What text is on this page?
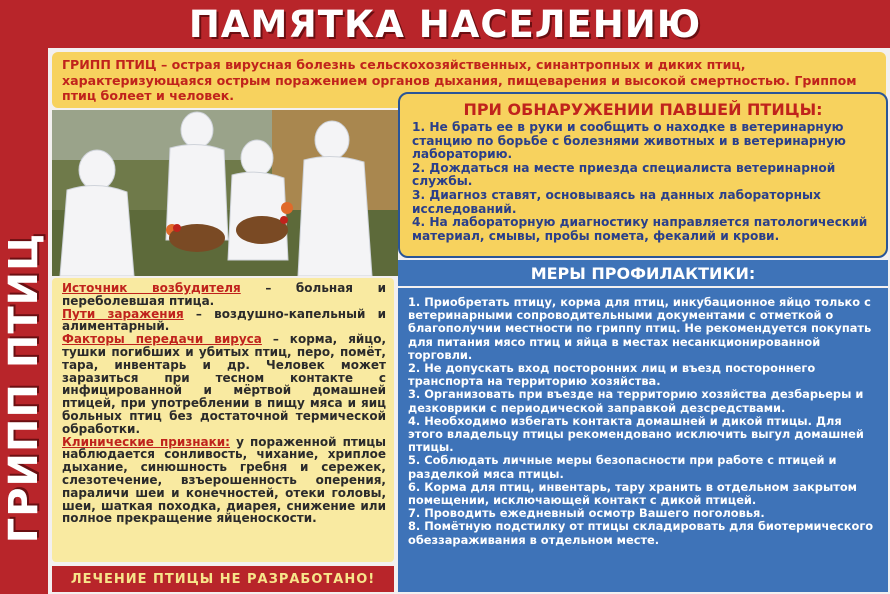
ПАМЯТКА НАСЕЛЕНИЮ
ГРИПП ПТИЦ

ГРИПП ПТИЦ – острая вирусная болезнь сельскохозяйственных, синантропных и диких птиц, характеризующаяся острым поражением органов дыхания, пищеварения и высокой смертностью. Гриппом птиц болеет и человек.

ПРИ ОБНАРУЖЕНИИ ПАВШЕЙ ПТИЦЫ:
1. Не брать ее в руки и сообщить о находке в ветеринарную станцию по борьбе с болезнями животных и в ветеринарную лабораторию.
2. Дождаться на месте приезда специалиста ветеринарной службы.
3. Диагноз ставят, основываясь на данных лабораторных исследований.
4. На лабораторную диагностику направляется патологический материал, смывы, пробы помета, фекалий и крови.
МЕРЫ ПРОФИЛАКТИКИ:
1. Приобретать птицу, корма для птиц, инкубационное яйцо только с ветеринарными сопроводительными документами с отметкой о благополучии местности по гриппу птиц. Не рекомендуется покупать для питания мясо птиц и яйца в местах несанкционированной торговли.
2. Не допускать вход посторонних лиц и въезд постороннего транспорта на территорию хозяйства.
3. Организовать при въезде на территорию хозяйства дезбарьеры и дезковрики с периодической заправкой дезсредствами.
4. Необходимо избегать контакта домашней и дикой птицы. Для этого владельцу птицы рекомендовано исключить выгул домашней птицы.
5. Соблюдать личные меры безопасности при работе с птицей и разделкой мяса птицы.
6. Корма для птиц, инвентарь, тару хранить в отдельном закрытом помещении, исключающей контакт с дикой птицей.
7. Проводить ежедневный осмотр Вашего поголовья.
8. Помётную подстилку от птицы складировать для биотермического обеззараживания в отдельном месте.

Источник возбудителя – больная и переболевшая птица.

Пути заражения – воздушно-капельный и алиментарный.

Факторы передачи вируса – корма, яйцо, тушки погибших и убитых птиц, перо, помёт, тара, инвентарь и др. Человек может заразиться при тесном контакте с инфицированной и мёртвой домашней птицей, при употреблении в пищу мяса и яиц больных птиц без достаточной термической обработки.

Клинические признаки: у пораженной птицы наблюдается сонливость, чихание, хриплое дыхание, синюшность гребня и сережек, слезотечение, взъерошенность оперения, параличи шеи и конечностей, отеки головы, шеи, шаткая походка, диарея, снижение или полное прекращение яйценоскости.

ЛЕЧЕНИЕ ПТИЦЫ НЕ РАЗРАБОТАНО!
